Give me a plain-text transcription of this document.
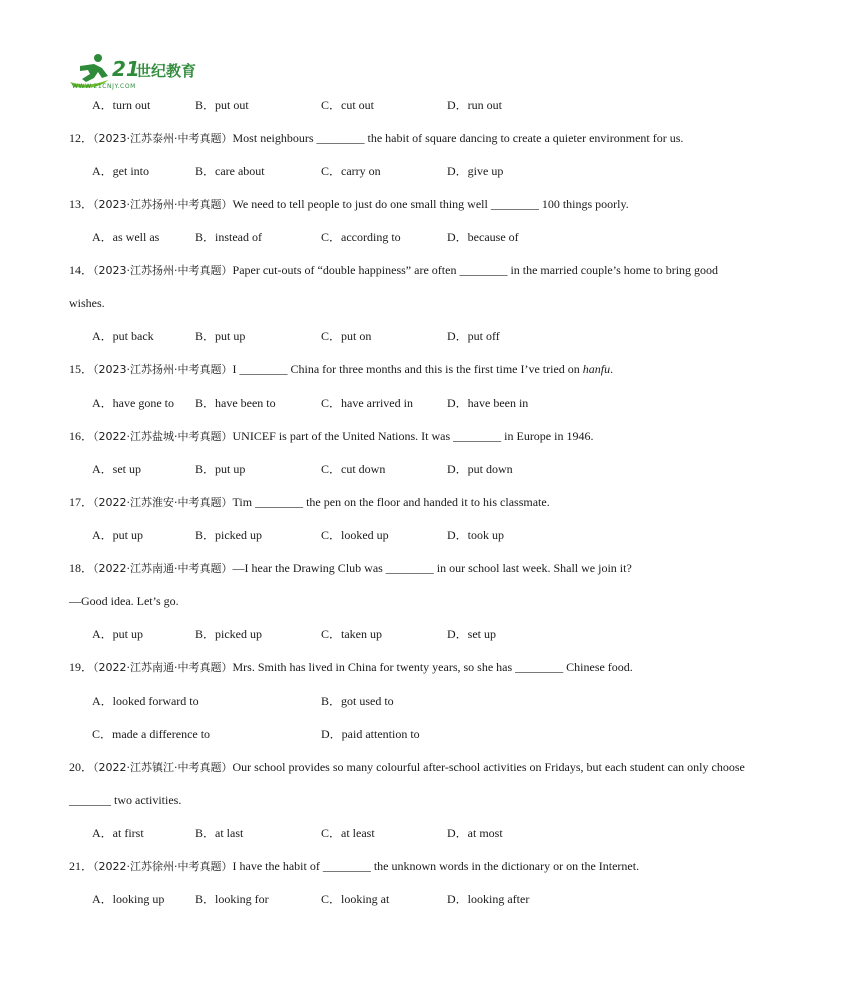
21
世纪教育
WWW.21CNJY.COM
A．turn out	B．put out	C．cut out	D．run out
12．（2023·江苏泰州·中考真题）Most neighbours ________ the habit of square dancing to create a quieter environment for us.
A．get into	B．care about	C．carry on	D．give up
13．（2023·江苏扬州·中考真题）We need to tell people to just do one small thing well ________ 100 things poorly.
A．as well as	B．instead of	C．according to	D．because of
14．（2023·江苏扬州·中考真题）Paper cut-outs of “double happiness” are often ________ in the married couple’s home to bring good
wishes.
A．put back	B．put up	C．put on	D．put off
15．（2023·江苏扬州·中考真题）I ________ China for three months and this is the first time I’ve tried on hanfu.
A．have gone to B．have been to	C．have arrived in	D．have been in
16．（2022·江苏盐城·中考真题）UNICEF is part of the United Nations. It was ________ in Europe in 1946.
A．set up	B．put up	C．cut down	D．put down
17．（2022·江苏淮安·中考真题）Tim ________ the pen on the floor and handed it to his classmate.
A．put up	B．picked up	C．looked up	D．took up
18．（2022·江苏南通·中考真题）—I hear the Drawing Club was ________ in our school last week. Shall we join it?
—Good idea. Let’s go.
A．put up	B．picked up	C．taken up	D．set up
19．（2022·江苏南通·中考真题）Mrs. Smith has lived in China for twenty years, so she has ________ Chinese food.
A．looked forward to	B．got used to
C．made a difference to	D．paid attention to
20．（2022·江苏镇江·中考真题）Our school provides so many colourful after-school activities on Fridays, but each student can only choose
_______ two activities.
A．at first	B．at last	C．at least	D．at most
21．（2022·江苏徐州·中考真题）I have the habit of ________ the unknown words in the dictionary or on the Internet.
A．looking up	B．looking for	C．looking at	D．looking after
